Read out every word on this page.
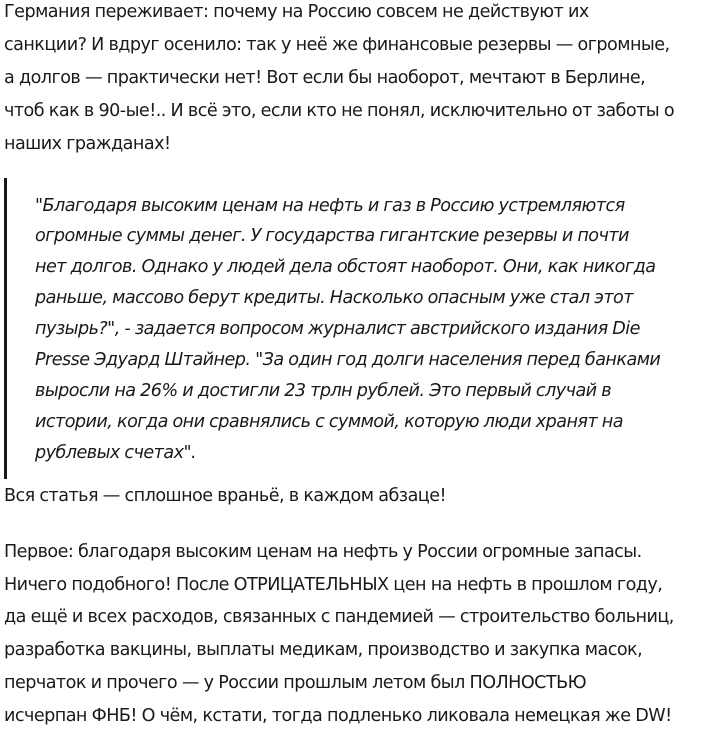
Германия переживает: почему на Россию совсем не действуют их
санкции? И вдруг осенило: так у неё же финансовые резервы — огромные,
а долгов — практически нет! Вот если бы наоборот, мечтают в Берлине,
чтоб как в 90-ые!.. И всё это, если кто не понял, исключительно от заботы о
наших гражданах!

"Благодаря высоким ценам на нефть и газ в Россию устремляются
огромные суммы денег. У государства гигантские резервы и почти
нет долгов. Однако у людей дела обстоят наоборот. Они, как никогда
раньше, массово берут кредиты. Насколько опасным уже стал этот
пузырь?", - задается вопросом журналист австрийского издания Die
Presse Эдуард Штайнер. "За один год долги населения перед банками
выросли на 26% и достигли 23 трлн рублей. Это первый случай в
истории, когда они сравнялись с суммой, которую люди хранят на
рублевых счетах".

Вся статья — сплошное враньё, в каждом абзаце!

Первое: благодаря высоким ценам на нефть у России огромные запасы.
Ничего подобного! После ОТРИЦАТЕЛЬНЫХ цен на нефть в прошлом году,
да ещё и всех расходов, связанных с пандемией — строительство больниц,
разработка вакцины, выплаты медикам, производство и закупка масок,
перчаток и прочего — у России прошлым летом был ПОЛНОСТЬЮ
исчерпан ФНБ! О чём, кстати, тогда подленько ликовала немецкая же DW!
